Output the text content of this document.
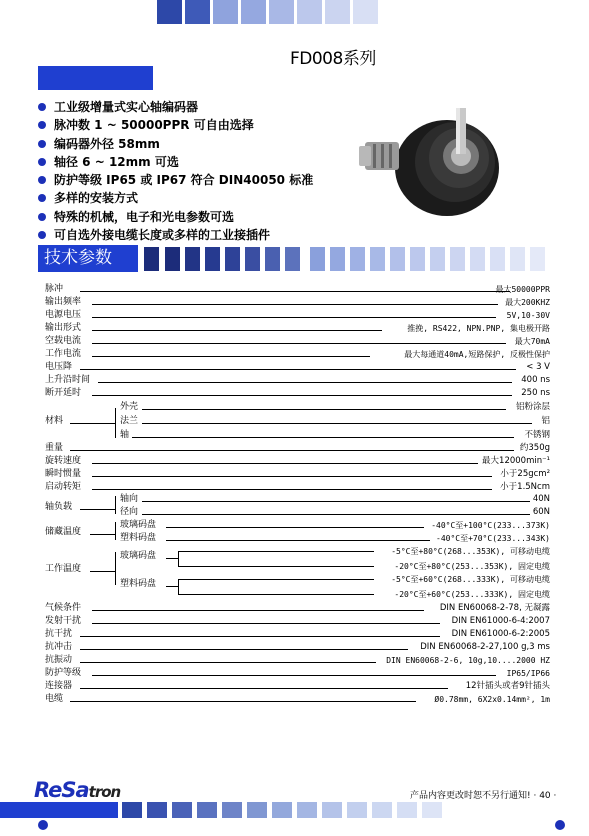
FD008系列
工业级增量式实心轴编码器
脉冲数 1 ~ 50000PPR 可自由选择
编码器外径 58mm
轴径 6 ~ 12mm 可选
防护等级 IP65 或 IP67 符合 DIN40050 标准
多样的安装方式
特殊的机械，电子和光电参数可选
可自选外接电缆长度或多样的工业接插件
技术参数
脉冲	最大50000PPR
输出频率	最大200KHZ
电源电压	5V,10-30V
输出形式	推挽, RS422, NPN.PNP, 集电极开路
空载电流	最大70mA
工作电流	最大每通道40mA,短路保护, 反极性保护
电压降	< 3 V
上升沿时间	400 ns
断开延时	250 ns
材料
外壳	铝粉涂层
法兰	铝
轴	不锈钢
重量	约350g
旋转速度	最大12000min⁻¹
瞬时惯量	小于25gcm²
启动转矩	小于1.5Ncm
轴负载
轴向	40N
径向	60N
储藏温度
玻璃码盘	-40°C至+100°C(233...373K)
塑料码盘	-40°C至+70°C(233...343K)
工作温度
玻璃码盘	-5°C至+80°C(268...353K), 可移动电缆
-20°C至+80°C(253...353K), 固定电缆
塑料码盘	-5°C至+60°C(268...333K), 可移动电缆
-20°C至+60°C(253...333K), 固定电缆
气候条件	DIN EN60068-2-78, 无凝露
发射干扰	DIN EN61000-6-4:2007
抗干扰	DIN EN61000-6-2:2005
抗冲击	DIN EN60068-2-27,100 g,3 ms
抗振动	DIN EN60068-2-6, 10g,10....2000 HZ
防护等级	IP65/IP66
连接器	12针插头或者9针插头
电缆	Ø0.78mm, 6X2x0.14mm², 1m
ReSatron	产品内容更改时恕不另行通知! · 40 ·
